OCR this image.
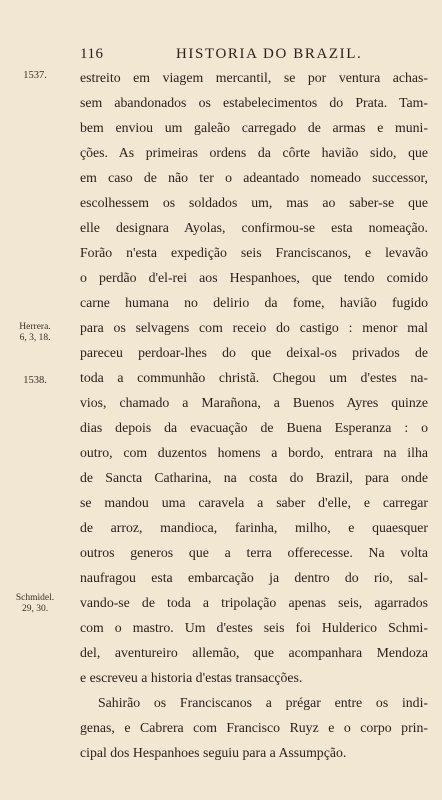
116	HISTORIA DO BRAZIL.
1537.
Herrera.
6, 3, 18.
1538.
Schmidel.
29, 30.
estreito em viagem mercantil, se por ventura achas-
sem abandonados os estabelecimentos do Prata. Tam-
bem enviou um galeão carregado de armas e muni-
ções. As primeiras ordens da côrte havião sido, que
em caso de não ter o adeantado nomeado successor,
escolhessem os soldados um, mas ao saber-se que
elle designara Ayolas, confirmou-se esta nomeação.
Forão n'esta expedição seis Franciscanos, e levavão
o perdão d'el-rei aos Hespanhoes, que tendo comido
carne humana no delirio da fome, havião fugido
para os selvagens com receio do castigo : menor mal
pareceu perdoar-lhes do que deixal-os privados de
toda a communhão christã. Chegou um d'estes na-
vios, chamado a Marañona, a Buenos Ayres quinze
dias depois da evacuação de Buena Esperanza : o
outro, com duzentos homens a bordo, entrara na ilha
de Sancta Catharina, na costa do Brazil, para onde
se mandou uma caravela a saber d'elle, e carregar
de arroz, mandioca, farinha, milho, e quaesquer
outros generos que a terra offerecesse. Na volta
naufragou esta embarcação ja dentro do rio, sal-
vando-se de toda a tripolação apenas seis, agarrados
com o mastro. Um d'estes seis foi Hulderico Schmi-
del, aventureiro allemão, que acompanhara Mendoza
e escreveu a historia d'estas transacções.
Sahirão os Franciscanos a prégar entre os indi-
genas, e Cabrera com Francisco Ruyz e o corpo prin-
cipal dos Hespanhoes seguiu para a Assumpção.
